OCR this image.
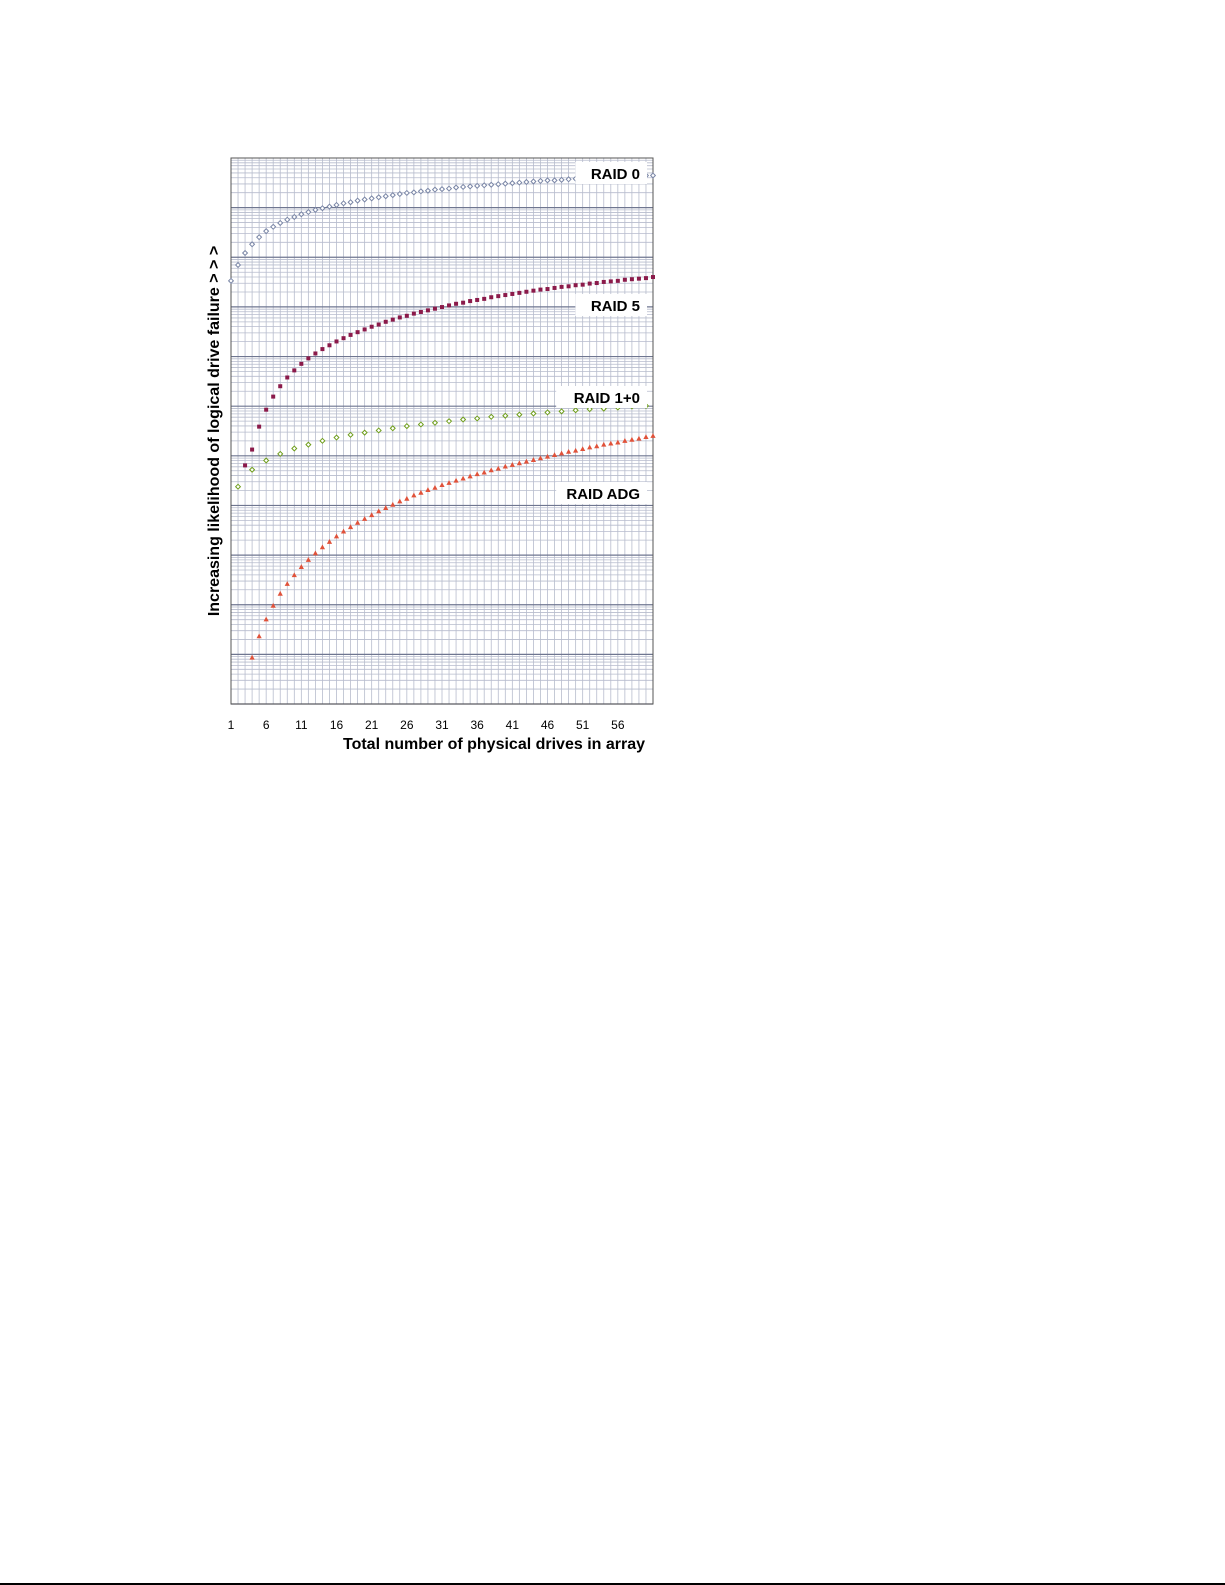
RAID 0
RAID 5
RAID 1+0
RAID ADG
1 6 11 16 21 26 31 36 41 46 51 56
Total number of physical drives in array
Increasing likelihood of logical drive failure > > >
